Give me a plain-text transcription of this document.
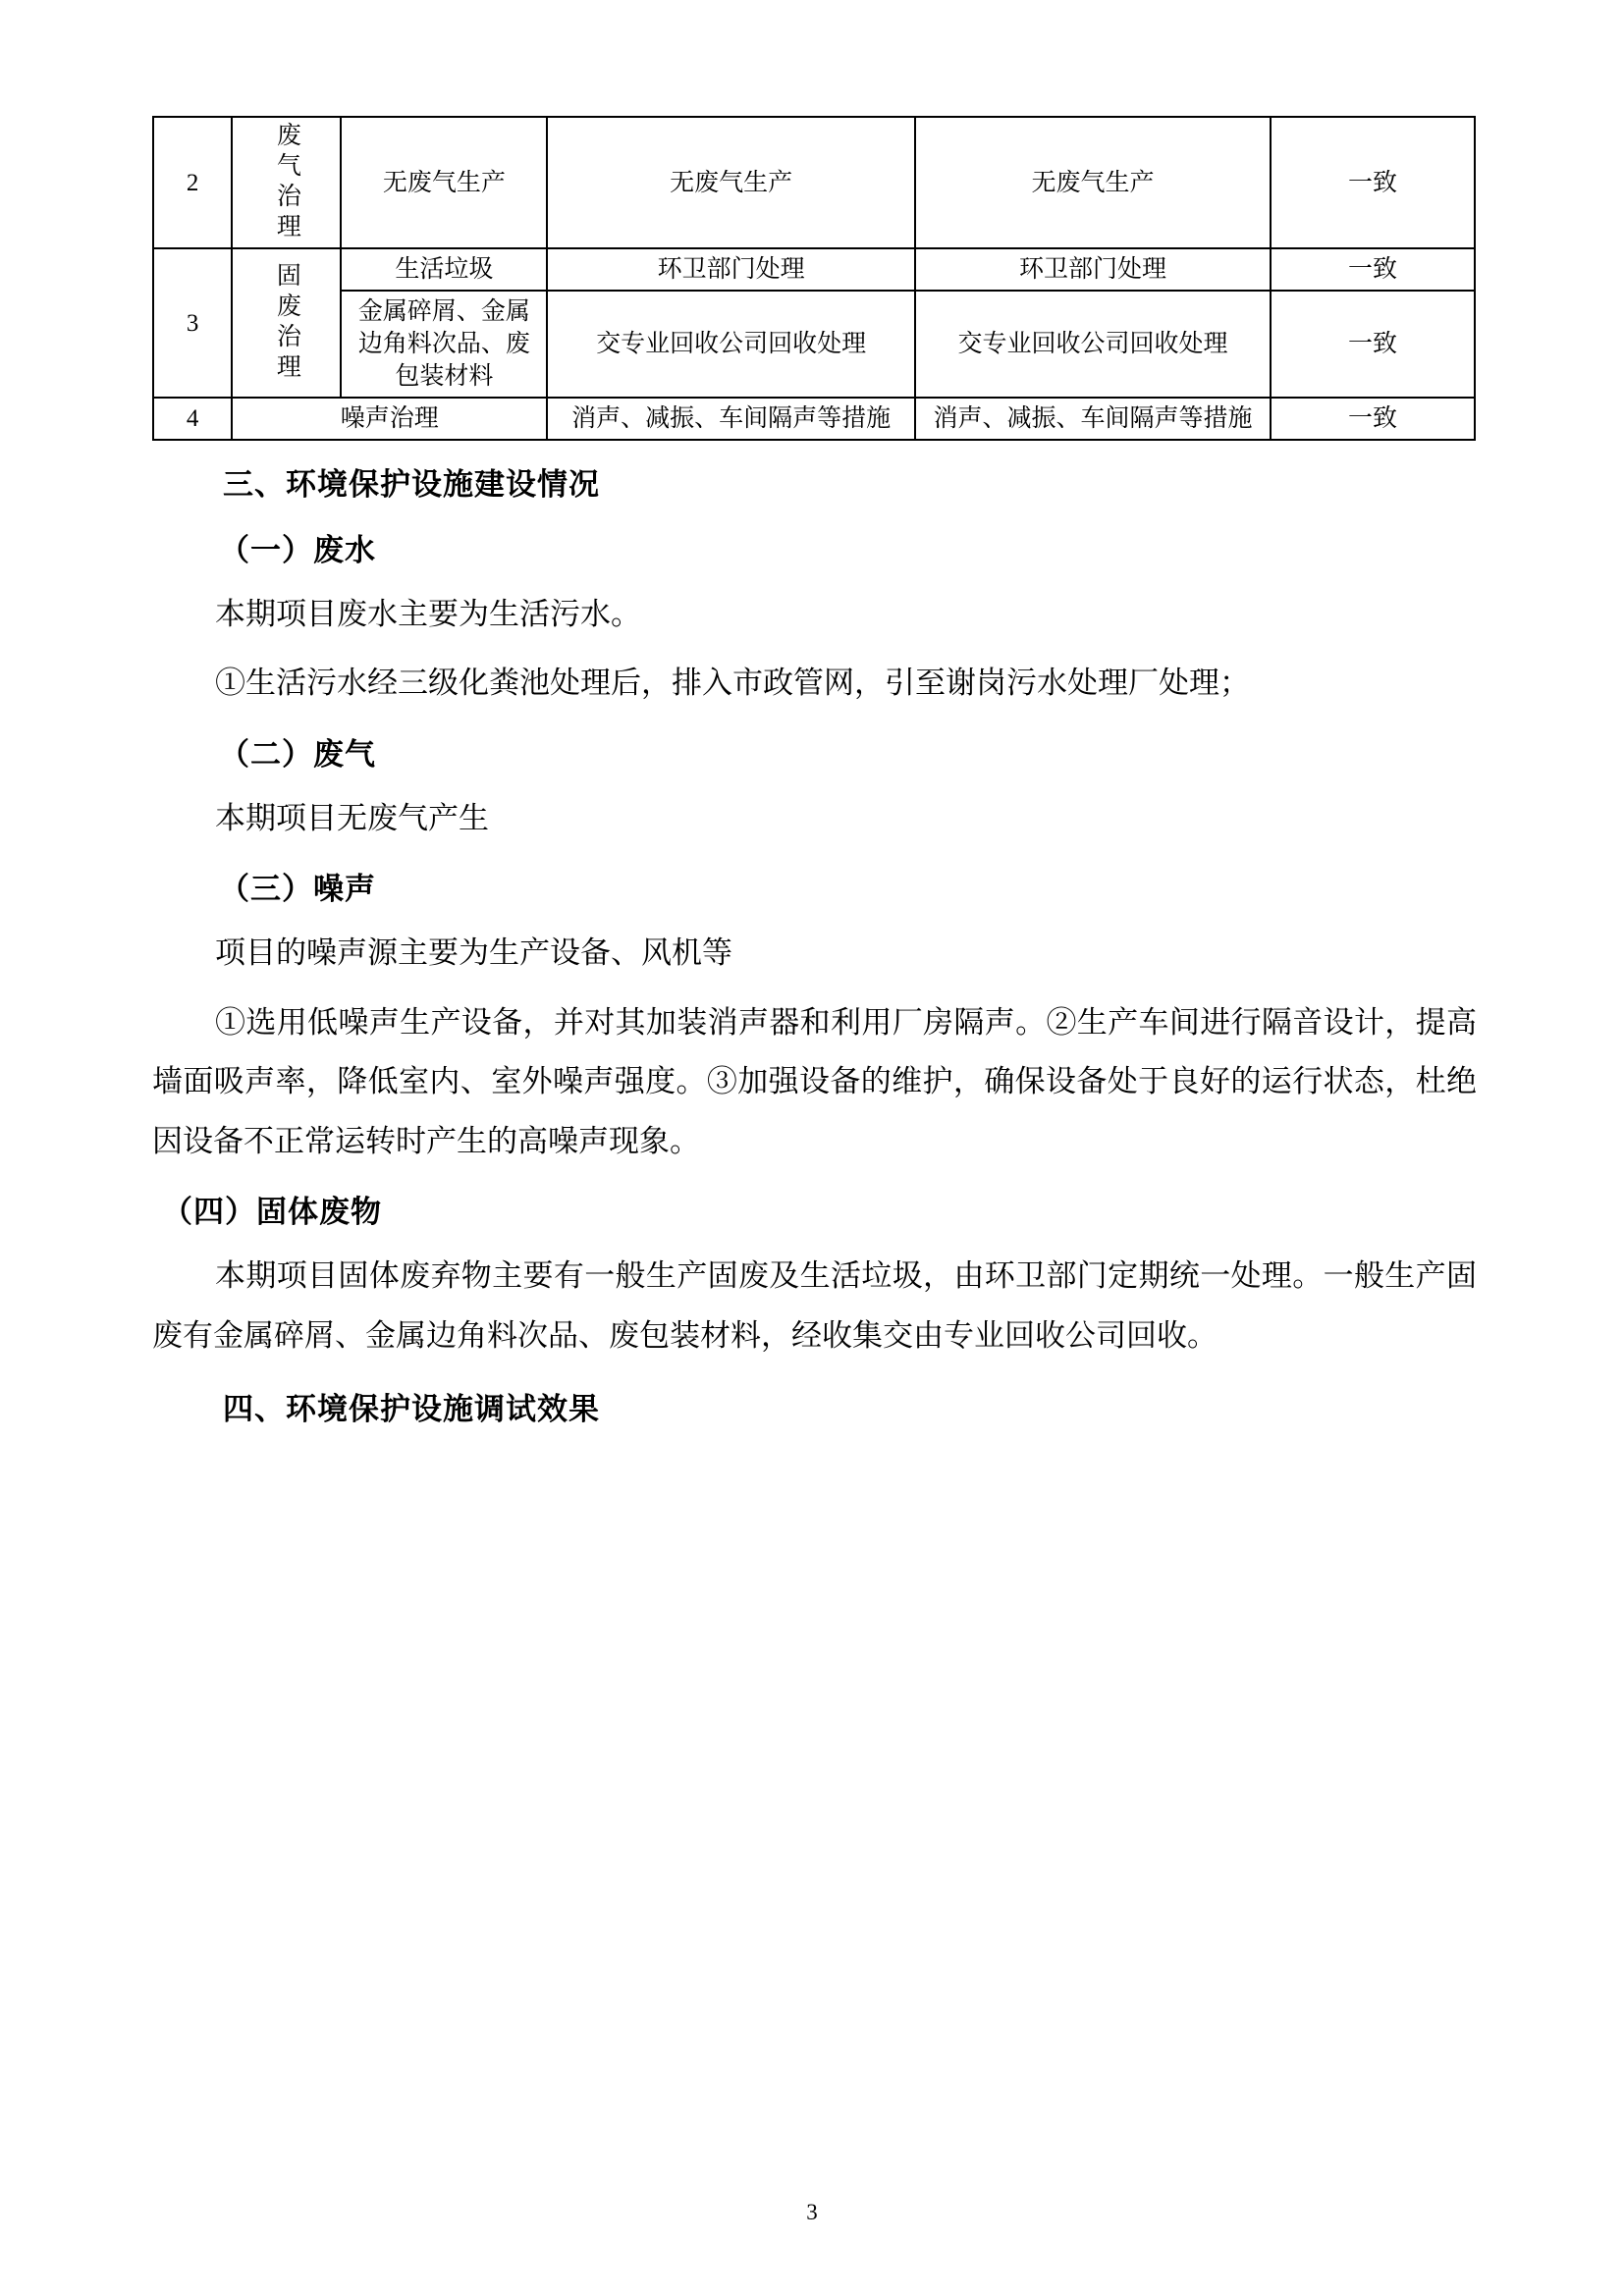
2	废气治理	无废气生产	无废气生产	无废气生产	一致
3	固废治理	生活垃圾	环卫部门处理	环卫部门处理	一致
		金属碎屑、金属边角料次品、废包装材料	交专业回收公司回收处理	交专业回收公司回收处理	一致
4	噪声治理		消声、减振、车间隔声等措施	消声、减振、车间隔声等措施	一致
三、环境保护设施建设情况
（一）废水
本期项目废水主要为生活污水。
①生活污水经三级化粪池处理后，排入市政管网，引至谢岗污水处理厂处理；
（二）废气
本期项目无废气产生
（三）噪声
项目的噪声源主要为生产设备、风机等
①选用低噪声生产设备，并对其加装消声器和利用厂房隔声。②生产车间进行隔音设计，提高墙面吸声率，降低室内、室外噪声强度。③加强设备的维护，确保设备处于良好的运行状态，杜绝因设备不正常运转时产生的高噪声现象。
（四）固体废物
本期项目固体废弃物主要有一般生产固废及生活垃圾，由环卫部门定期统一处理。一般生产固废有金属碎屑、金属边角料次品、废包装材料，经收集交由专业回收公司回收。
四、环境保护设施调试效果
3
